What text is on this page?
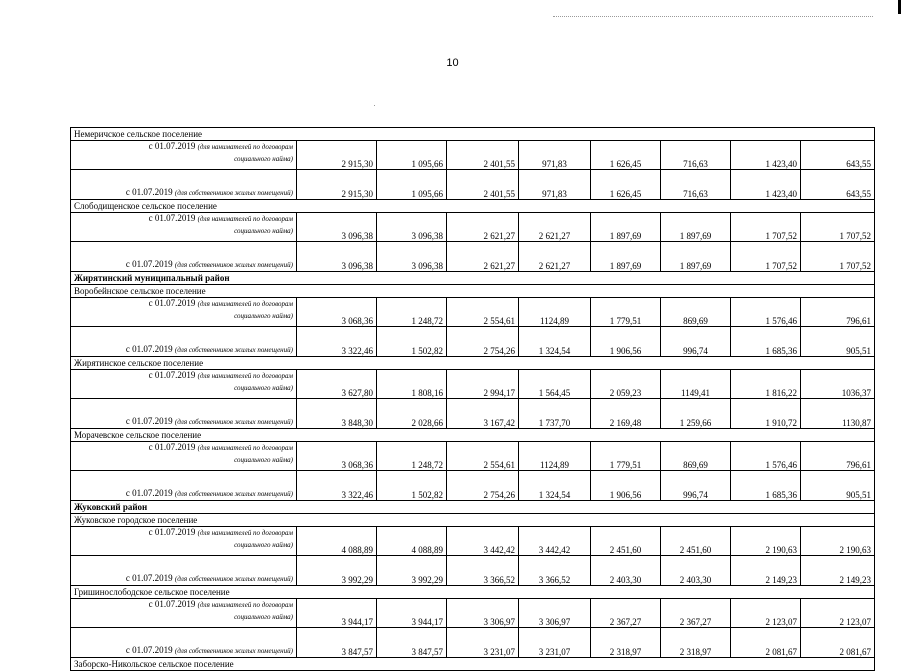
10
Немеричское сельское поселение								

с 01.07.2019 (для нанимателей по договорам
социального найма)	2 915,30	1 095,66	2 401,55	971,83	1 626,45	716,63	1 423,40	643,55
с 01.07.2019 (для собственников жилых помещений)	2 915,30	1 095,66	2 401,55	971,83	1 626,45	716,63	1 423,40	643,55
Слободищенское сельское поселение								

с 01.07.2019 (для нанимателей по договорам
социального найма)	3 096,38	3 096,38	2 621,27	2 621,27	1 897,69	1 897,69	1 707,52	1 707,52
с 01.07.2019 (для собственников жилых помещений)	3 096,38	3 096,38	2 621,27	2 621,27	1 897,69	1 897,69	1 707,52	1 707,52
Жирятинский муниципальный район								
Воробейнское сельское поселение								

с 01.07.2019 (для нанимателей по договорам
социального найма)	3 068,36	1 248,72	2 554,61	1124,89	1 779,51	869,69	1 576,46	796,61
с 01.07.2019 (для собственников жилых помещений)	3 322,46	1 502,82	2 754,26	1 324,54	1 906,56	996,74	1 685,36	905,51
Жирятинское сельское поселение								

с 01.07.2019 (для нанимателей по договорам
социального найма)	3 627,80	1 808,16	2 994,17	1 564,45	2 059,23	1149,41	1 816,22	1036,37
с 01.07.2019 (для собственников жилых помещений)	3 848,30	2 028,66	3 167,42	1 737,70	2 169,48	1 259,66	1 910,72	1130,87
Морачевское сельское поселение								

с 01.07.2019 (для нанимателей по договорам
социального найма)	3 068,36	1 248,72	2 554,61	1124,89	1 779,51	869,69	1 576,46	796,61
с 01.07.2019 (для собственников жилых помещений)	3 322,46	1 502,82	2 754,26	1 324,54	1 906,56	996,74	1 685,36	905,51
Жуковский район								
Жуковское городское поселение								

с 01.07.2019 (для нанимателей по договорам
социального найма)	4 088,89	4 088,89	3 442,42	3 442,42	2 451,60	2 451,60	2 190,63	2 190,63
с 01.07.2019 (для собственников жилых помещений)	3 992,29	3 992,29	3 366,52	3 366,52	2 403,30	2 403,30	2 149,23	2 149,23
Гришинослободское сельское поселение								

с 01.07.2019 (для нанимателей по договорам
социального найма)	3 944,17	3 944,17	3 306,97	3 306,97	2 367,27	2 367,27	2 123,07	2 123,07
с 01.07.2019 (для собственников жилых помещений)	3 847,57	3 847,57	3 231,07	3 231,07	2 318,97	2 318,97	2 081,67	2 081,67
Заборско-Никольское сельское поселение								
